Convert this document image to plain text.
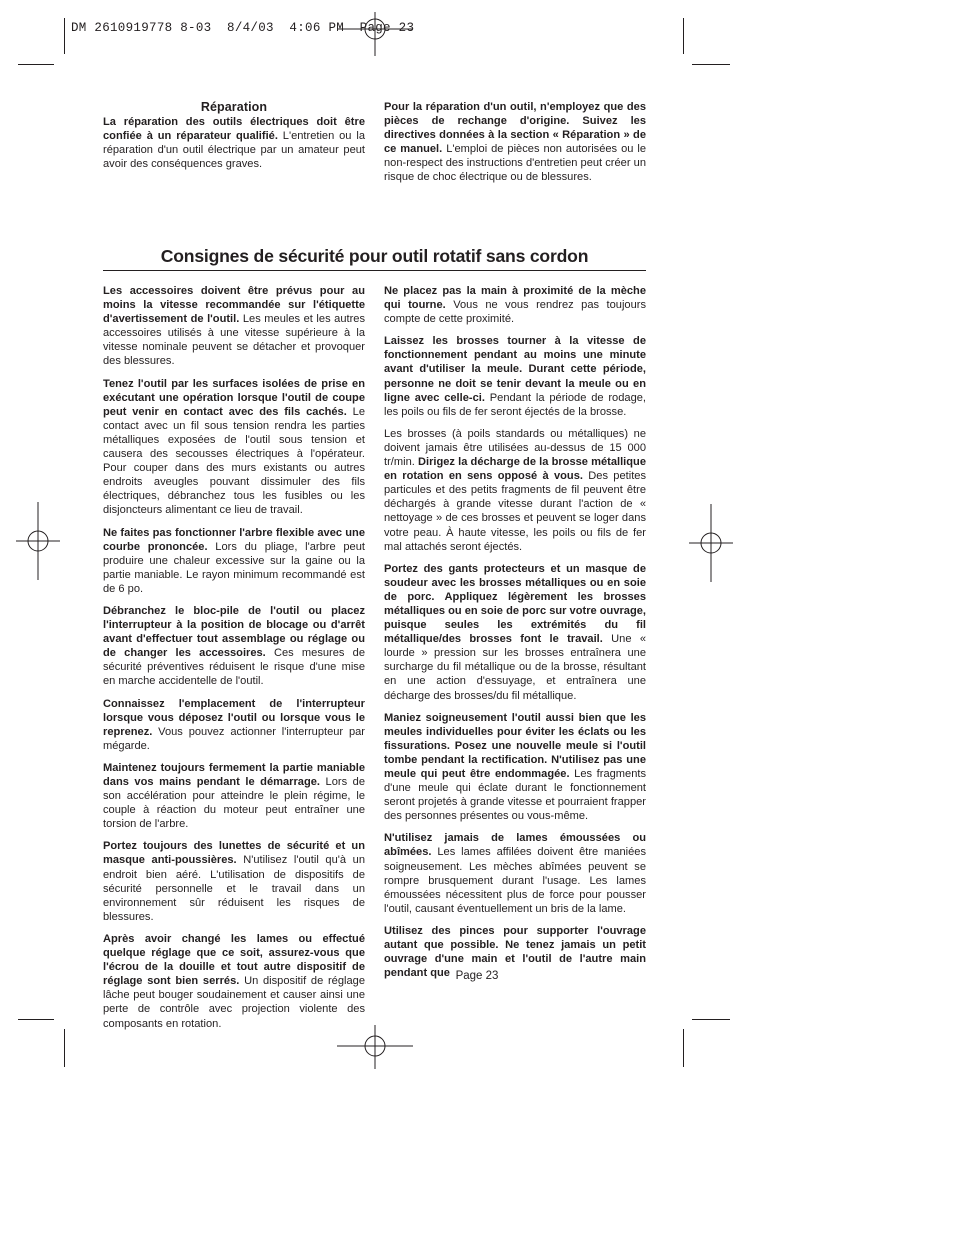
DM 2610919778 8-03  8/4/03  4:06 PM  Page 23
Réparation

La réparation des outils électriques doit être confiée à un réparateur qualifié. L'entretien ou la réparation d'un outil électrique par un amateur peut avoir des conséquences graves.

Pour la réparation d'un outil, n'employez que des pièces de rechange d'origine. Suivez les directives données à la section « Réparation » de ce manuel. L'emploi de pièces non autorisées ou le non-respect des instructions d'entretien peut créer un risque de choc électrique ou de blessures.

Consignes de sécurité pour outil rotatif sans cordon

Les accessoires doivent être prévus pour au moins la vitesse recommandée sur l'étiquette d'avertissement de l'outil. Les meules et les autres accessoires utilisés à une vitesse supérieure à la vitesse nominale peuvent se détacher et provoquer des blessures.

Tenez l'outil par les surfaces isolées de prise en exécutant une opération lorsque l'outil de coupe peut venir en contact avec des fils cachés. Le contact avec un fil sous tension rendra les parties métalliques exposées de l'outil sous tension et causera des secousses électriques à l'opérateur. Pour couper dans des murs existants ou autres endroits aveugles pouvant dissimuler des fils électriques, débranchez tous les fusibles ou les disjoncteurs alimentant ce lieu de travail.

Ne faites pas fonctionner l'arbre flexible avec une courbe prononcée. Lors du pliage, l'arbre peut produire une chaleur excessive sur la gaine ou la partie maniable. Le rayon minimum recommandé est de 6 po.

Débranchez le bloc-pile de l'outil ou placez l'interrupteur à la position de blocage ou d'arrêt avant d'effectuer tout assemblage ou réglage ou de changer les accessoires. Ces mesures de sécurité préventives réduisent le risque d'une mise en marche accidentelle de l'outil.

Connaissez l'emplacement de l'interrupteur lorsque vous déposez l'outil ou lorsque vous le reprenez. Vous pouvez actionner l'interrupteur par mégarde.

Maintenez toujours fermement la partie maniable dans vos mains pendant le démarrage. Lors de son accélération pour atteindre le plein régime, le couple à réaction du moteur peut entraîner une torsion de l'arbre.

Portez toujours des lunettes de sécurité et un masque anti-poussières. N'utilisez l'outil qu'à un endroit bien aéré. L'utilisation de dispositifs de sécurité personnelle et le travail dans un environnement sûr réduisent les risques de blessures.

Après avoir changé les lames ou effectué quelque réglage que ce soit, assurez-vous que l'écrou de la douille et tout autre dispositif de réglage sont bien serrés. Un dispositif de réglage lâche peut bouger soudainement et causer ainsi une perte de contrôle avec projection violente des composants en rotation.

Ne placez pas la main à proximité de la mèche qui tourne. Vous ne vous rendrez pas toujours compte de cette proximité.

Laissez les brosses tourner à la vitesse de fonctionnement pendant au moins une minute avant d'utiliser la meule. Durant cette période, personne ne doit se tenir devant la meule ou en ligne avec celle-ci. Pendant la période de rodage, les poils ou fils de fer seront éjectés de la brosse.

Les brosses (à poils standards ou métalliques) ne doivent jamais être utilisées au-dessus de 15 000 tr/min. Dirigez la décharge de la brosse métallique en rotation en sens opposé à vous. Des petites particules et des petits fragments de fil peuvent être déchargés à grande vitesse durant l'action de « nettoyage » de ces brosses et peuvent se loger dans votre peau. À haute vitesse, les poils ou fils de fer mal attachés seront éjectés.

Portez des gants protecteurs et un masque de soudeur avec les brosses métalliques ou en soie de porc. Appliquez légèrement les brosses métalliques ou en soie de porc sur votre ouvrage, puisque seules les extrémités du fil métallique/des brosses font le travail. Une « lourde » pression sur les brosses entraînera une surcharge du fil métallique ou de la brosse, résultant en une action d'essuyage, et entraînera une décharge des brosses/du fil métallique.

Maniez soigneusement l'outil aussi bien que les meules individuelles pour éviter les éclats ou les fissurations. Posez une nouvelle meule si l'outil tombe pendant la rectification. N'utilisez pas une meule qui peut être endommagée. Les fragments d'une meule qui éclate durant le fonctionnement seront projetés à grande vitesse et pourraient frapper des personnes présentes ou vous-même.

N'utilisez jamais de lames émoussées ou abîmées. Les lames affilées doivent être maniées soigneusement. Les mèches abîmées peuvent se rompre brusquement durant l'usage. Les lames émoussées nécessitent plus de force pour pousser l'outil, causant éventuellement un bris de la lame.

Utilisez des pinces pour supporter l'ouvrage autant que possible. Ne tenez jamais un petit ouvrage d'une main et l'outil de l'autre main pendant que Page 23
